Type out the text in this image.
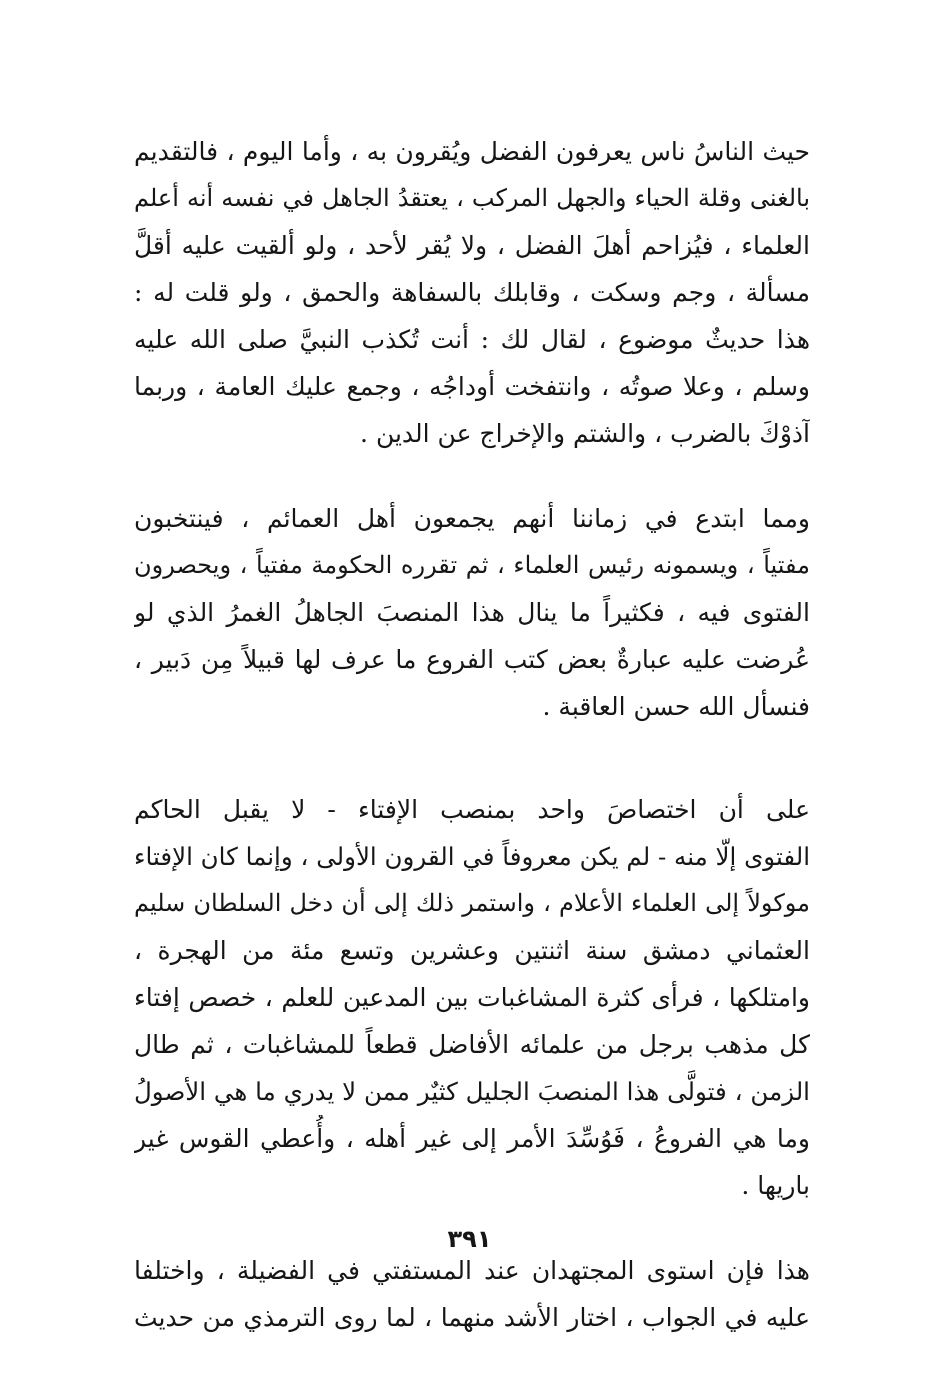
حيث الناسُ ناس يعرفون الفضل ويُقرون به ، وأما اليوم ، فالتقديم
بالغنى وقلة الحياء والجهل المركب ، يعتقدُ الجاهل في نفسه أنه أعلم
العلماء ، فيُزاحم أهلَ الفضل ، ولا يُقر لأحد ، ولو ألقيت عليه أقلَّ
مسألة ، وجم وسكت ، وقابلك بالسفاهة والحمق ، ولو قلت له :
هذا حديثٌ موضوع ، لقال لك : أنت تُكذب النبيَّ صلى الله عليه
وسلم ، وعلا صوتُه ، وانتفخت أوداجُه ، وجمع عليك العامة ، وربما
آذوْكَ بالضرب ، والشتم والإخراج عن الدين .
ومما ابتدع في زماننا أنهم يجمعون أهل العمائم ، فينتخبون
مفتياً ، ويسمونه رئيس العلماء ، ثم تقرره الحكومة مفتياً ، ويحصرون
الفتوى فيه ، فكثيراً ما ينال هذا المنصبَ الجاهلُ الغمرُ الذي لو
عُرضت عليه عبارةٌ بعض كتب الفروع ما عرف لها قبيلاً مِن دَبير ،
فنسأل الله حسن العاقبة .
على أن اختصاصَ واحد بمنصب الإفتاء - لا يقبل الحاكم
الفتوى إلّا منه - لم يكن معروفاً في القرون الأولى ، وإنما كان الإفتاء
موكولاً إلى العلماء الأعلام ، واستمر ذلك إلى أن دخل السلطان سليم
العثماني دمشق سنة اثنتين وعشرين وتسع مئة من الهجرة ،
وامتلكها ، فرأى كثرة المشاغبات بين المدعين للعلم ، خصص إفتاء
كل مذهب برجل من علمائه الأفاضل قطعاً للمشاغبات ، ثم طال
الزمن ، فتولَّى هذا المنصبَ الجليل كثيٌر ممن لا يدري ما هي الأصولُ
وما هي الفروعُ ، فَوُسِّدَ الأمر إلى غير أهله ، وأُعطي القوس غير
باريها .
هذا فإن استوى المجتهدان عند المستفتي في الفضيلة ، واختلفا
عليه في الجواب ، اختار الأشد منهما ، لما روى الترمذي من حديث
٣٩١
